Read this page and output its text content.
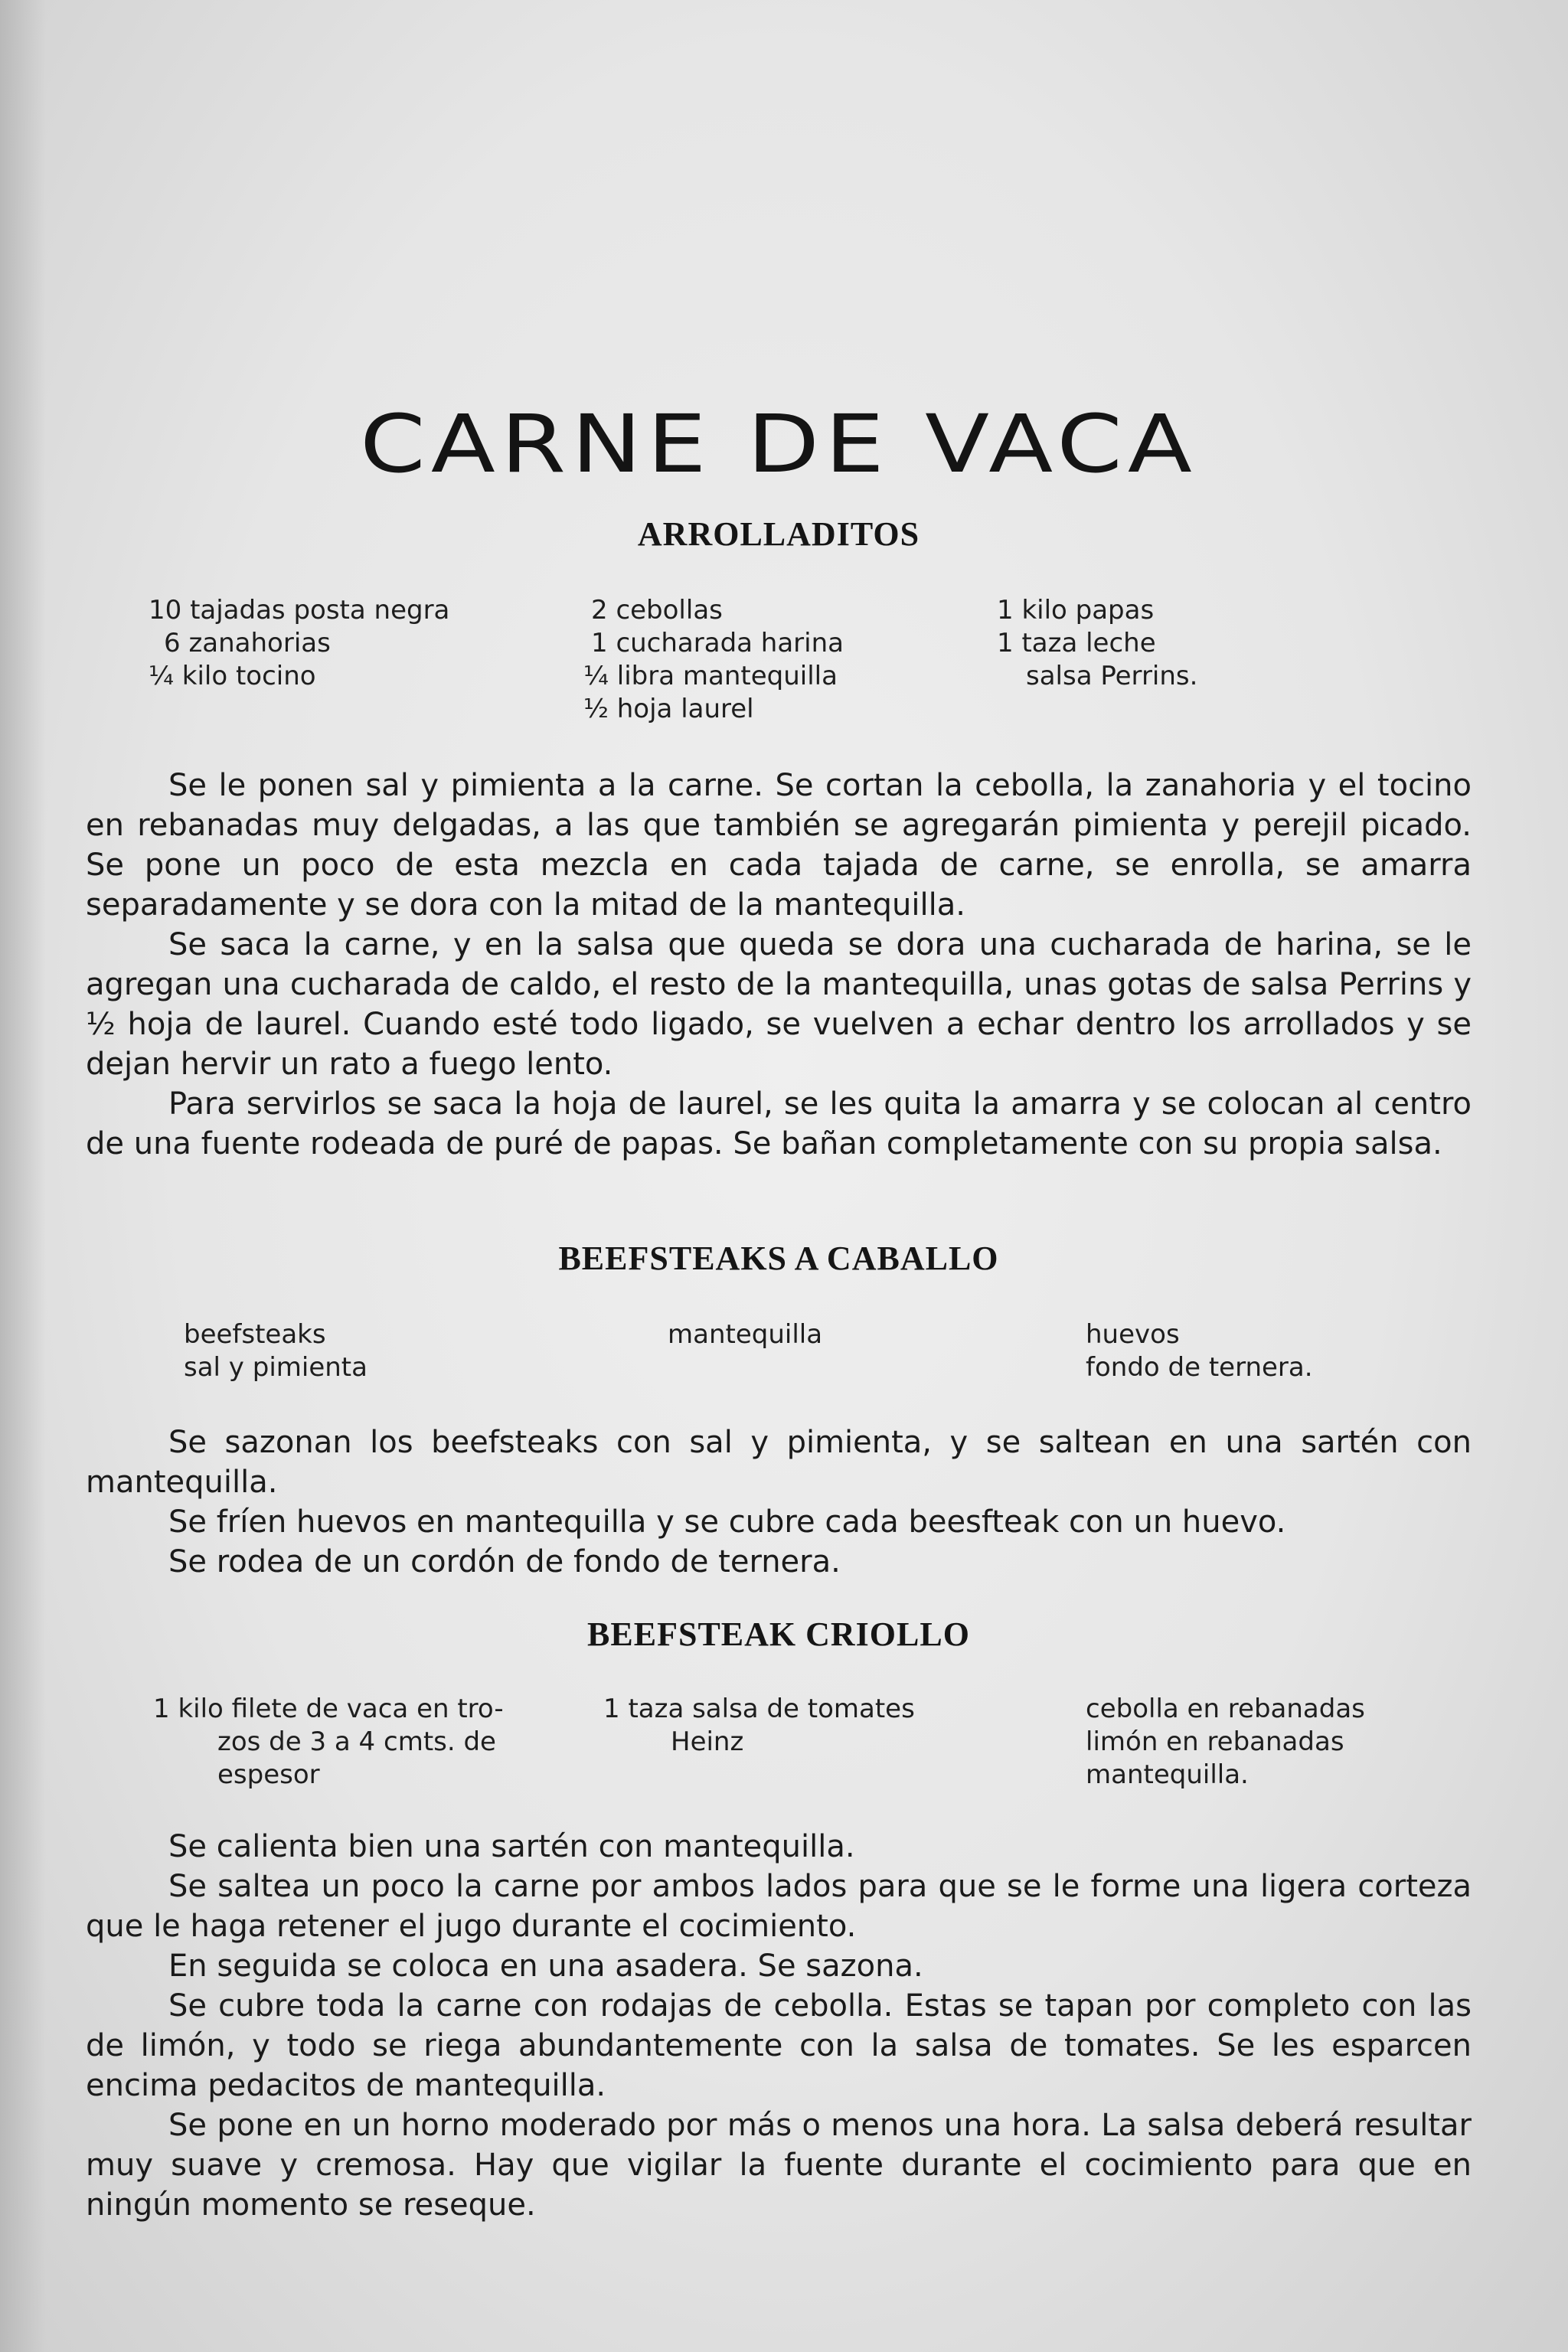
CARNE DE VACA
ARROLLADITOS
10 tajadas posta negra
6 zanahorias
¼ kilo tocino
2 cebollas
1 cucharada harina
¼ libra mantequilla
½ hoja laurel
1 kilo papas
1 taza leche
salsa Perrins.

Se le ponen sal y pimienta a la carne. Se cortan la cebolla, la zanahoria y el tocino en rebanadas muy delgadas, a las que también se agregarán pimienta y perejil picado. Se pone un poco de esta mezcla en cada tajada de carne, se enrolla, se amarra separadamente y se dora con la mitad de la mantequilla.

Se saca la carne, y en la salsa que queda se dora una cucharada de harina, se le agregan una cucharada de caldo, el resto de la mantequilla, unas gotas de salsa Perrins y ½ hoja de laurel. Cuando esté todo ligado, se vuelven a echar dentro los arrollados y se dejan hervir un rato a fuego lento.

Para servirlos se saca la hoja de laurel, se les quita la amarra y se colocan al centro de una fuente rodeada de puré de papas. Se bañan completamente con su propia salsa.

BEEFSTEAKS A CABALLO
beefsteaks
sal y pimienta
mantequilla	huevos
fondo de ternera.

Se sazonan los beefsteaks con sal y pimienta, y se saltean en una sartén con mantequilla.

Se fríen huevos en mantequilla y se cubre cada beesfteak con un huevo.

Se rodea de un cordón de fondo de ternera.

BEEFSTEAK CRIOLLO
1 kilo filete de vaca en tro-
zos de 3 a 4 cmts. de
espesor
1 taza salsa de tomates
Heinz
cebolla en rebanadas
limón en rebanadas
mantequilla.

Se calienta bien una sartén con mantequilla.

Se saltea un poco la carne por ambos lados para que se le forme una ligera corteza que le haga retener el jugo durante el cocimiento.

En seguida se coloca en una asadera. Se sazona.

Se cubre toda la carne con rodajas de cebolla. Estas se tapan por completo con las de limón, y todo se riega abundantemente con la salsa de tomates. Se les esparcen encima pedacitos de mantequilla.

Se pone en un horno moderado por más o menos una hora. La salsa deberá resultar muy suave y cremosa. Hay que vigilar la fuente durante el cocimiento para que en ningún momento se reseque.
